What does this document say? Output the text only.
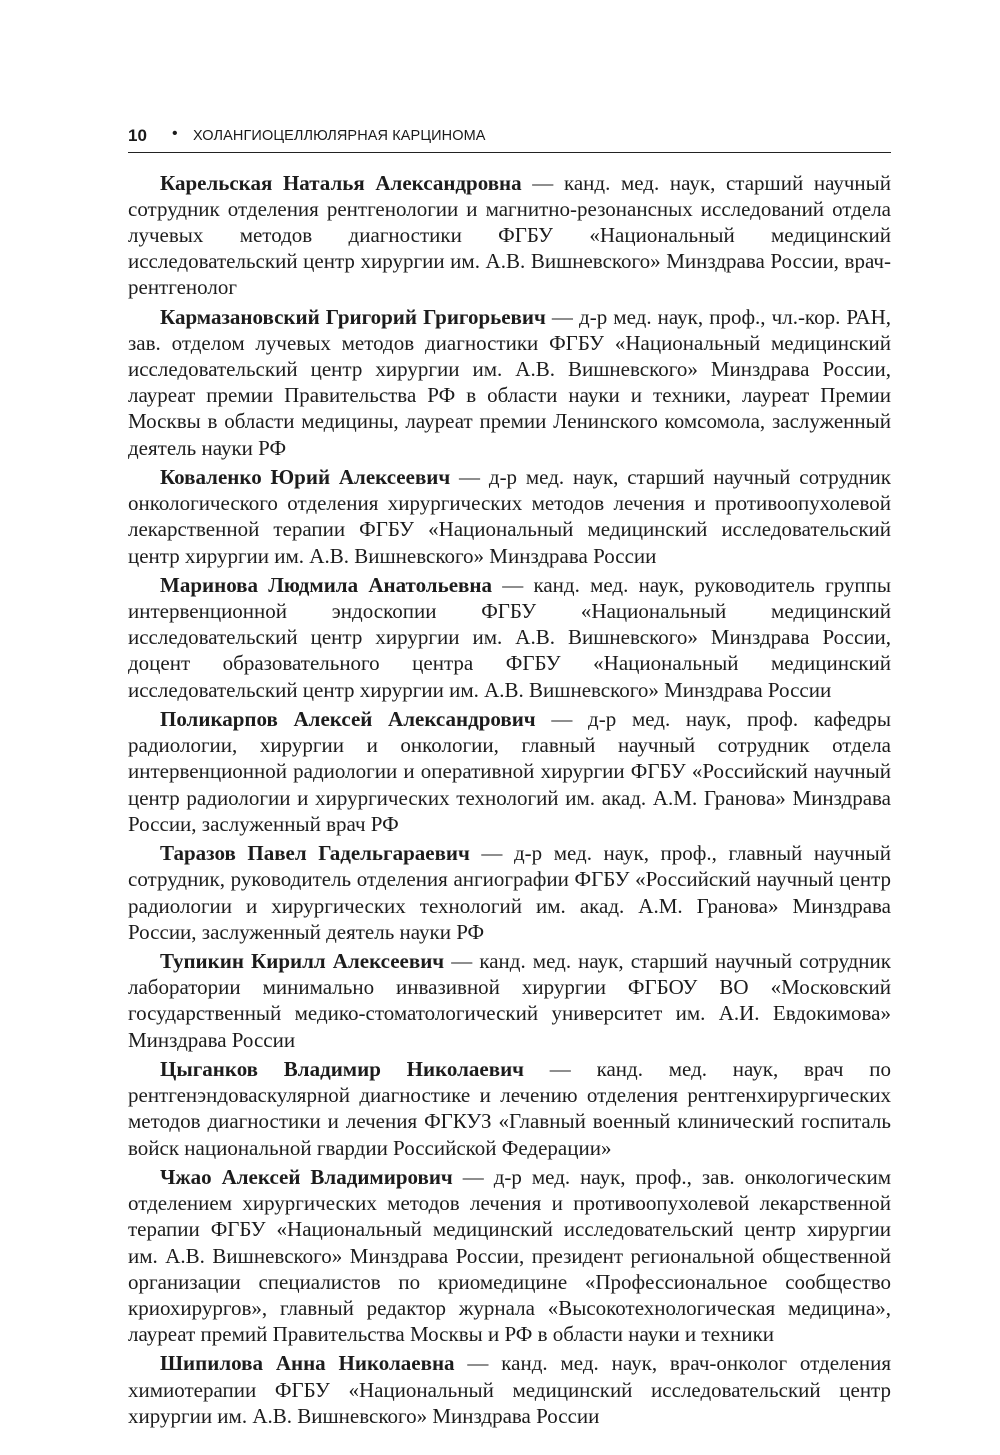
10 • ХОЛАНГИОЦЕЛЛЮЛЯРНАЯ КАРЦИНОМА

Карельская Наталья Александровна — канд. мед. наук, старший научный сотрудник отделения рентгенологии и магнитно-резонансных исследований отдела лучевых методов диагностики ФГБУ «Национальный медицинский исследовательский центр хирургии им. А.В. Вишневского» Минздрава России, врач-рентгенолог

Кармазановский Григорий Григорьевич — д-р мед. наук, проф., чл.-кор. РАН, зав. отделом лучевых методов диагностики ФГБУ «Национальный медицинский исследовательский центр хирургии им. А.В. Вишневского» Минздрава России, лауреат премии Правительства РФ в области науки и техники, лауреат Премии Москвы в области медицины, лауреат премии Ленинского комсомола, заслуженный деятель науки РФ

Коваленко Юрий Алексеевич — д-р мед. наук, старший научный сотрудник онкологического отделения хирургических методов лечения и противоопухолевой лекарственной терапии ФГБУ «Национальный медицинский исследовательский центр хирургии им. А.В. Вишневского» Минздрава России

Маринова Людмила Анатольевна — канд. мед. наук, руководитель группы интервенционной эндоскопии ФГБУ «Национальный медицинский исследовательский центр хирургии им. А.В. Вишневского» Минздрава России, доцент образовательного центра ФГБУ «Национальный медицинский исследовательский центр хирургии им. А.В. Вишневского» Минздрава России

Поликарпов Алексей Александрович — д-р мед. наук, проф. кафедры радиологии, хирургии и онкологии, главный научный сотрудник отдела интервенционной радиологии и оперативной хирургии ФГБУ «Российский научный центр радиологии и хирургических технологий им. акад. А.М. Гранова» Минздрава России, заслуженный врач РФ

Таразов Павел Гадельгараевич — д-р мед. наук, проф., главный научный сотрудник, руководитель отделения ангиографии ФГБУ «Российский научный центр радиологии и хирургических технологий им. акад. А.М. Гранова» Минздрава России, заслуженный деятель науки РФ

Тупикин Кирилл Алексеевич — канд. мед. наук, старший научный сотрудник лаборатории минимально инвазивной хирургии ФГБОУ ВО «Московский государственный медико-стоматологический университет им. А.И. Евдокимова» Минздрава России

Цыганков Владимир Николаевич — канд. мед. наук, врач по рентгенэндоваскулярной диагностике и лечению отделения рентгенхирургических методов диагностики и лечения ФГКУЗ «Главный военный клинический госпиталь войск национальной гвардии Российской Федерации»

Чжао Алексей Владимирович — д-р мед. наук, проф., зав. онкологическим отделением хирургических методов лечения и противоопухолевой лекарственной терапии ФГБУ «Национальный медицинский исследовательский центр хирургии им. А.В. Вишневского» Минздрава России, президент региональной общественной организации специалистов по криомедицине «Профессиональное сообщество криохирургов», главный редактор журнала «Высокотехнологическая медицина», лауреат премий Правительства Москвы и РФ в области науки и техники

Шипилова Анна Николаевна — канд. мед. наук, врач-онколог отделения химиотерапии ФГБУ «Национальный медицинский исследовательский центр хирургии им. А.В. Вишневского» Минздрава России
